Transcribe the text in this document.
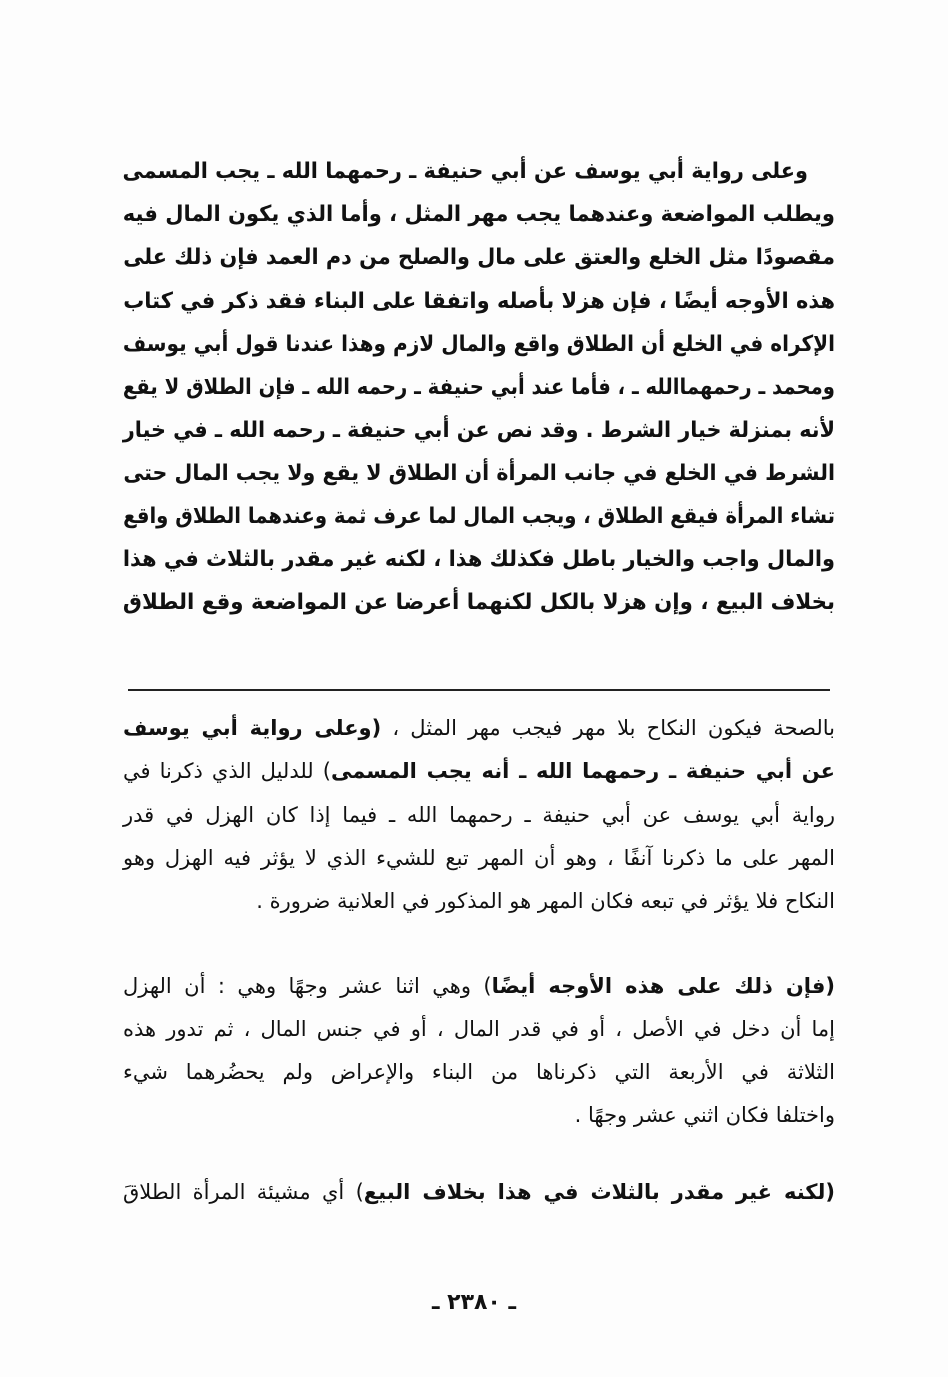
وعلى رواية أبي يوسف عن أبي حنيفة ـ رحمهما الله ـ يجب المسمى
ويطلب المواضعة وعندهما يجب مهر المثل ، وأما الذي يكون المال فيه
مقصودًا مثل الخلع والعتق على مال والصلح من دم العمد فإن ذلك على
هذه الأوجه أيضًا ، فإن هزلا بأصله واتفقا على البناء فقد ذكر في كتاب
الإكراه في الخلع أن الطلاق واقع والمال لازم وهذا عندنا قول أبي يوسف
ومحمد ـ رحمهماالله ـ ، فأما عند أبي حنيفة ـ رحمه الله ـ فإن الطلاق لا يقع
لأنه بمنزلة خيار الشرط . وقد نص عن أبي حنيفة ـ رحمه الله ـ في خيار
الشرط في الخلع في جانب المرأة أن الطلاق لا يقع ولا يجب المال حتى
تشاء المرأة فيقع الطلاق ، ويجب المال لما عرف ثمة وعندهما الطلاق واقع
والمال واجب والخيار باطل فكذلك هذا ، لكنه غير مقدر بالثلاث في هذا
بخلاف البيع ، وإن هزلا بالكل لكنهما أعرضا عن المواضعة وقع الطلاق
بالصحة فيكون النكاح بلا مهر فيجب مهر المثل ، (وعلى رواية أبي يوسف
عن أبي حنيفة ـ رحمهما الله ـ أنه يجب المسمى) للدليل الذي ذكرنا في
رواية أبي يوسف عن أبي حنيفة ـ رحمهما الله ـ فيما إذا كان الهزل في قدر
المهر على ما ذكرنا آنفًا ، وهو أن المهر تبع للشيء الذي لا يؤثر فيه الهزل وهو
النكاح فلا يؤثر في تبعه فكان المهر هو المذكور في العلانية ضرورة .
(فإن ذلك على هذه الأوجه أيضًا) وهي اثنا عشر وجهًا وهي : أن الهزل
إما أن دخل في الأصل ، أو في قدر المال ، أو في جنس المال ، ثم تدور هذه
الثلاثة في الأربعة التي ذكرناها من البناء والإعراض ولم يحضُرهما شيء
واختلفا فكان اثني عشر وجهًا .
(لكنه غير مقدر بالثلاث في هذا بخلاف البيع) أي مشيئة المرأة الطلاقَ
ـ ٢٣٨٠ ـ
